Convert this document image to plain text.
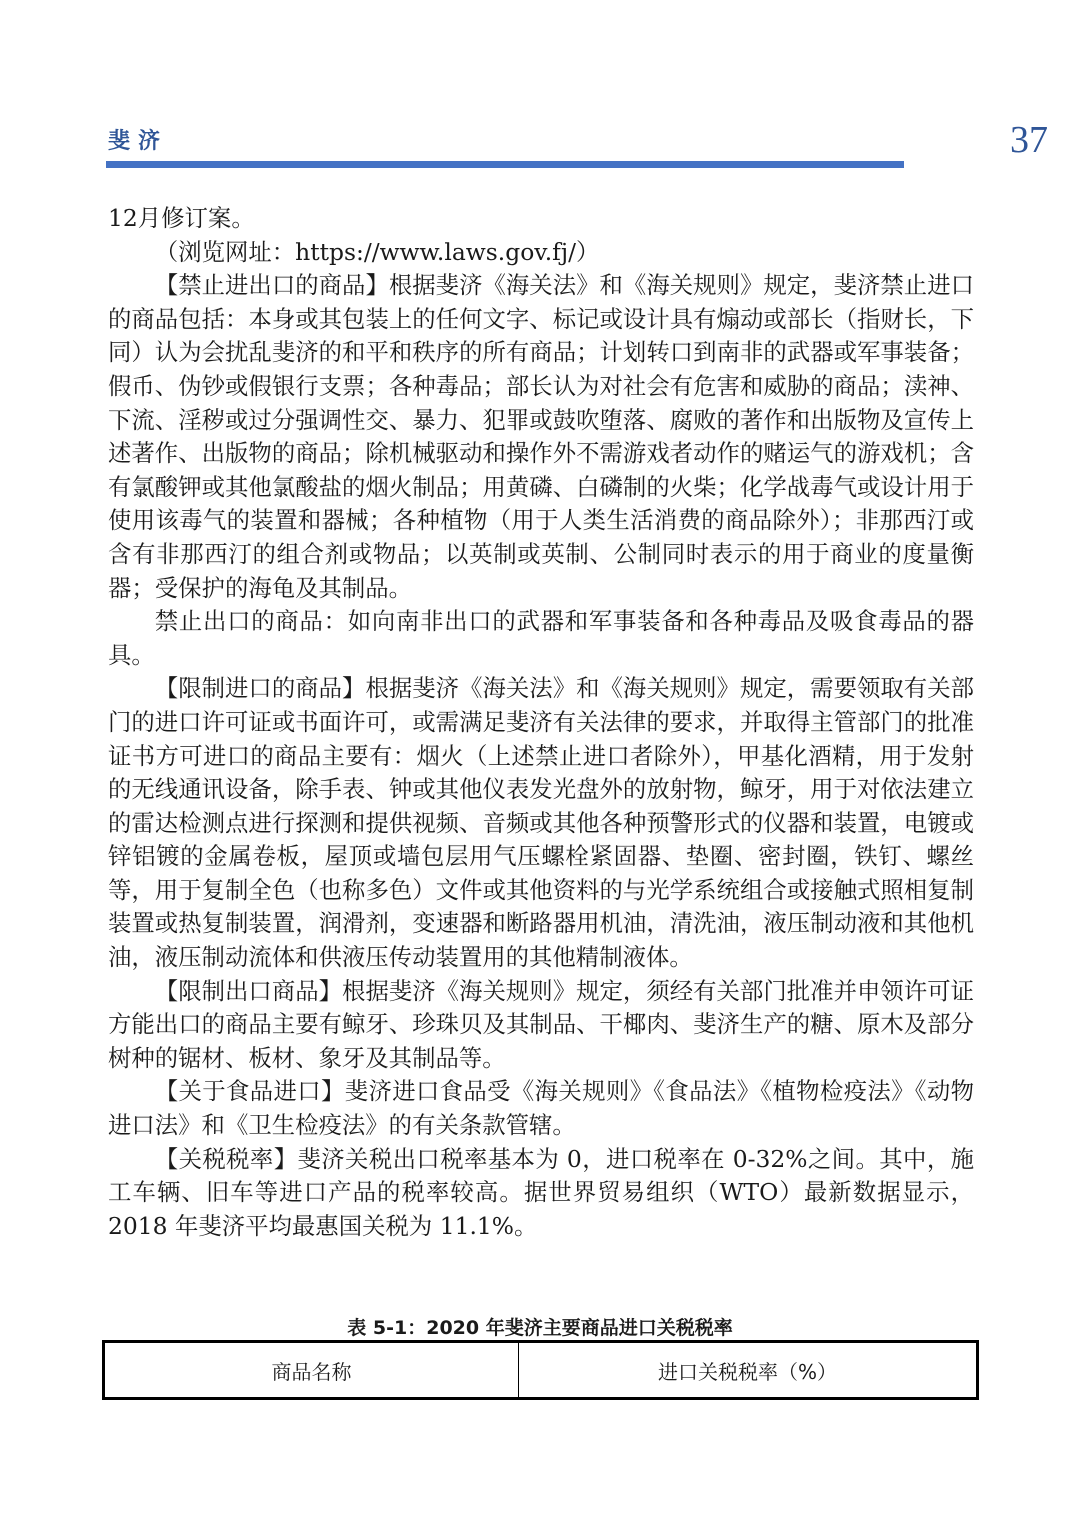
斐济	37

12月修订案。

（浏览网址：https://www.laws.gov.fj/）

【禁止进出口的商品】根据斐济《海关法》和《海关规则》规定，斐济禁止进口的商品包括：本身或其包装上的任何文字、标记或设计具有煽动或部长（指财长，下同）认为会扰乱斐济的和平和秩序的所有商品；计划转口到南非的武器或军事装备；假币、伪钞或假银行支票；各种毒品；部长认为对社会有危害和威胁的商品；渎神、下流、淫秽或过分强调性交、暴力、犯罪或鼓吹堕落、腐败的著作和出版物及宣传上述著作、出版物的商品；除机械驱动和操作外不需游戏者动作的赌运气的游戏机；含有氯酸钾或其他氯酸盐的烟火制品；用黄磷、白磷制的火柴；化学战毒气或设计用于使用该毒气的装置和器械；各种植物（用于人类生活消费的商品除外）；非那西汀或含有非那西汀的组合剂或物品；以英制或英制、公制同时表示的用于商业的度量衡器；受保护的海龟及其制品。

禁止出口的商品：如向南非出口的武器和军事装备和各种毒品及吸食毒品的器具。

【限制进口的商品】根据斐济《海关法》和《海关规则》规定，需要领取有关部门的进口许可证或书面许可，或需满足斐济有关法律的要求，并取得主管部门的批准证书方可进口的商品主要有：烟火（上述禁止进口者除外），甲基化酒精，用于发射的无线通讯设备，除手表、钟或其他仪表发光盘外的放射物，鲸牙，用于对依法建立的雷达检测点进行探测和提供视频、音频或其他各种预警形式的仪器和装置，电镀或锌铝镀的金属卷板，屋顶或墙包层用气压螺栓紧固器、垫圈、密封圈，铁钉、螺丝等，用于复制全色（也称多色）文件或其他资料的与光学系统组合或接触式照相复制装置或热复制装置，润滑剂，变速器和断路器用机油，清洗油，液压制动液和其他机油，液压制动流体和供液压传动装置用的其他精制液体。

【限制出口商品】根据斐济《海关规则》规定，须经有关部门批准并申领许可证方能出口的商品主要有鲸牙、珍珠贝及其制品、干椰肉、斐济生产的糖、原木及部分树种的锯材、板材、象牙及其制品等。

【关于食品进口】斐济进口食品受《海关规则》《食品法》《植物检疫法》《动物进口法》和《卫生检疫法》的有关条款管辖。

【关税税率】斐济关税出口税率基本为 0，进口税率在 0-32%之间。其中，施工车辆、旧车等进口产品的税率较高。据世界贸易组织（WTO）最新数据显示，2018 年斐济平均最惠国关税为 11.1%。

表 5-1：2020 年斐济主要商品进口关税税率
商品名称	进口关税税率（%）
